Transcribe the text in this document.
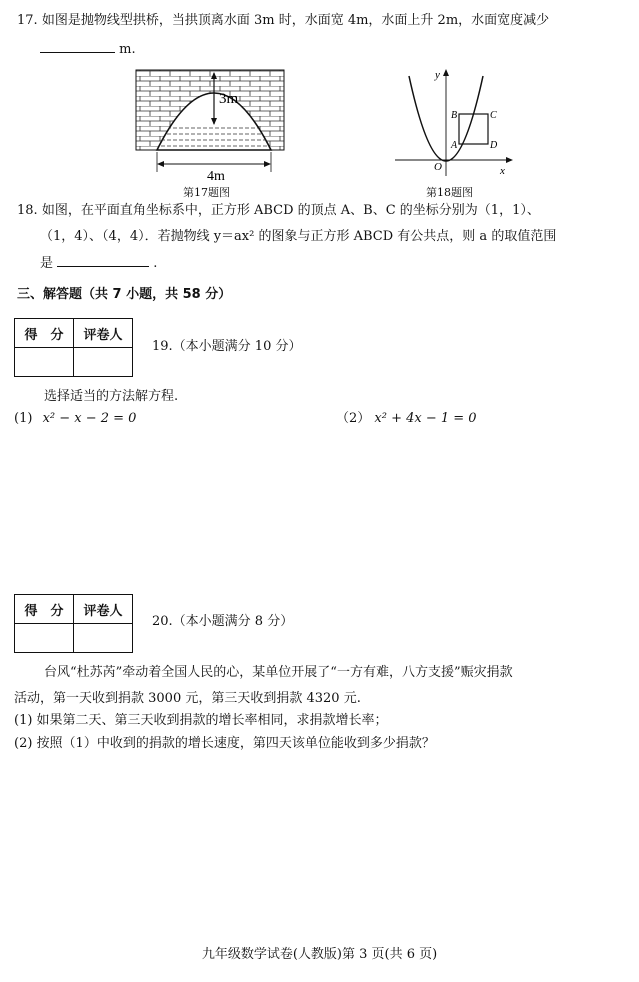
17. 如图是抛物线型拱桥，当拱顶离水面 3m 时，水面宽 4m，水面上升 2m，水面宽度减少
m.
3m
4m
第17题图
y
x
O
A
B	C
D
第18题图
18. 如图，在平面直角坐标系中，正方形 ABCD 的顶点 A、B、C 的坐标分别为（1，1）、
（1，4）、（4，4）．若抛物线 y＝ax² 的图象与正方形 ABCD 有公共点，则 a 的取值范围
是	.
三、解答题（共 7 小题，共 58 分）
得　分	评卷人

19.（本小题满分 10 分）
选择适当的方法解方程.
(1) x² − x − 2 = 0	（2） x² + 4x − 1 = 0
得　分	评卷人

20.（本小题满分 8 分）
台风“杜苏芮”牵动着全国人民的心，某单位开展了“一方有难，八方支援”赈灾捐款
活动，第一天收到捐款 3000 元，第三天收到捐款 4320 元.
(1) 如果第二天、第三天收到捐款的增长率相同，求捐款增长率；
(2) 按照（1）中收到的捐款的增长速度，第四天该单位能收到多少捐款？
九年级数学试卷(人教版)第 3 页(共 6 页)
